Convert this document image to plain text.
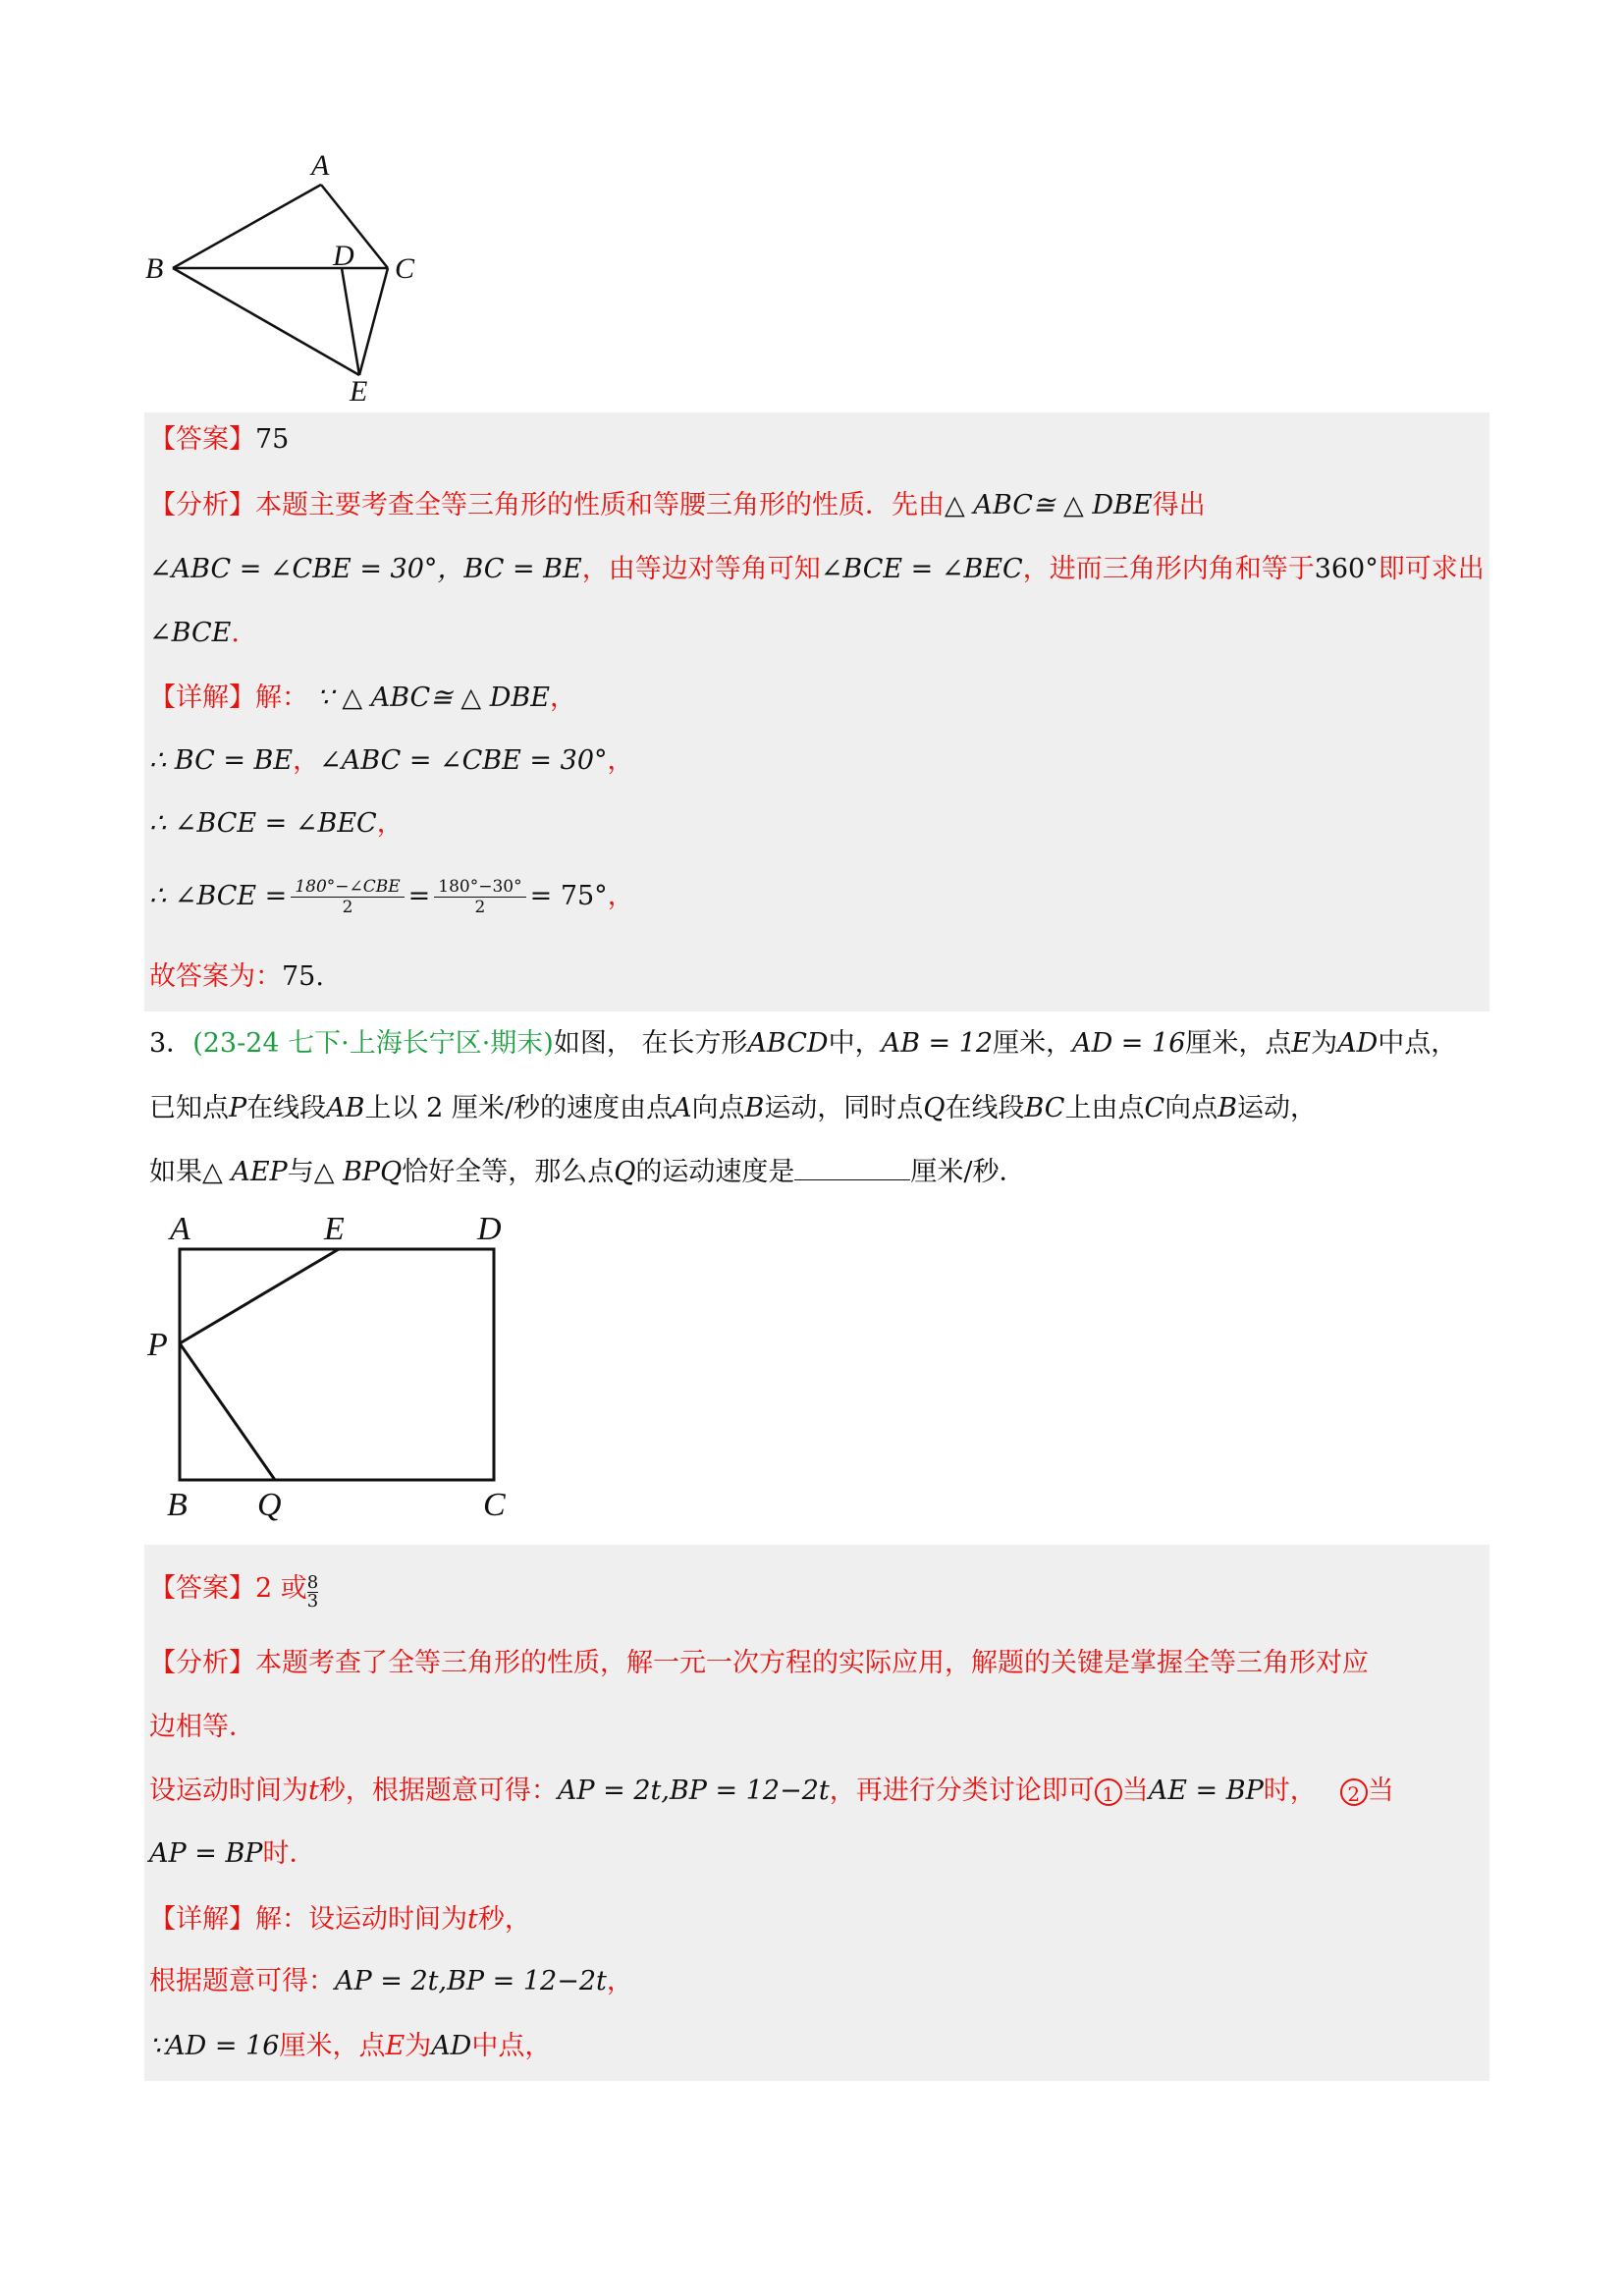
A
B	D C
E
【答案】75
【分析】本题主要考查全等三角形的性质和等腰三角形的性质．先由△ ABC≅ △ DBE得出
∠ABC = ∠CBE = 30°，BC = BE，由等边对等角可知∠BCE = ∠BEC，进而三角形内角和等于360°即可求出
∠BCE.
【详解】解： ∵ △ ABC≅ △ DBE，
∴ BC = BE，∠ABC = ∠CBE = 30°，
∴ ∠BCE = ∠BEC，
∴ ∠BCE = $\frac{\text{180°−∠CBE}}{2} = \frac{180^\circ-30^\circ}{2} = 75^\circ$，
故答案为：75.
3．(23-24 七下·上海长宁区·期末)如图， 在长方形ABCD中，AB = 12厘米，AD = 16厘米，点E为AD中点，
已知点P在线段AB上以 2 厘米/秒的速度由点A向点B运动，同时点Q在线段BC上由点C向点B运动，
如果△ AEP与△ BPQ恰好全等，那么点Q的运动速度是	厘米/秒．
A	E	D
P
B Q	C
【答案】2 或 $\frac{8}{3}$
【分析】本题考查了全等三角形的性质，解一元一次方程的实际应用，解题的关键是掌握全等三角形对应
边相等．
设运动时间为t秒，根据题意可得：AP = 2t,BP = 12−2t，再进行分类讨论即可 1 当AE = BP时， 2 当
AP = BP时．
【详解】解：设运动时间为t秒，
根据题意可得：AP = 2t,BP = 12−2t，
∵AD = 16厘米，点E为AD中点，
